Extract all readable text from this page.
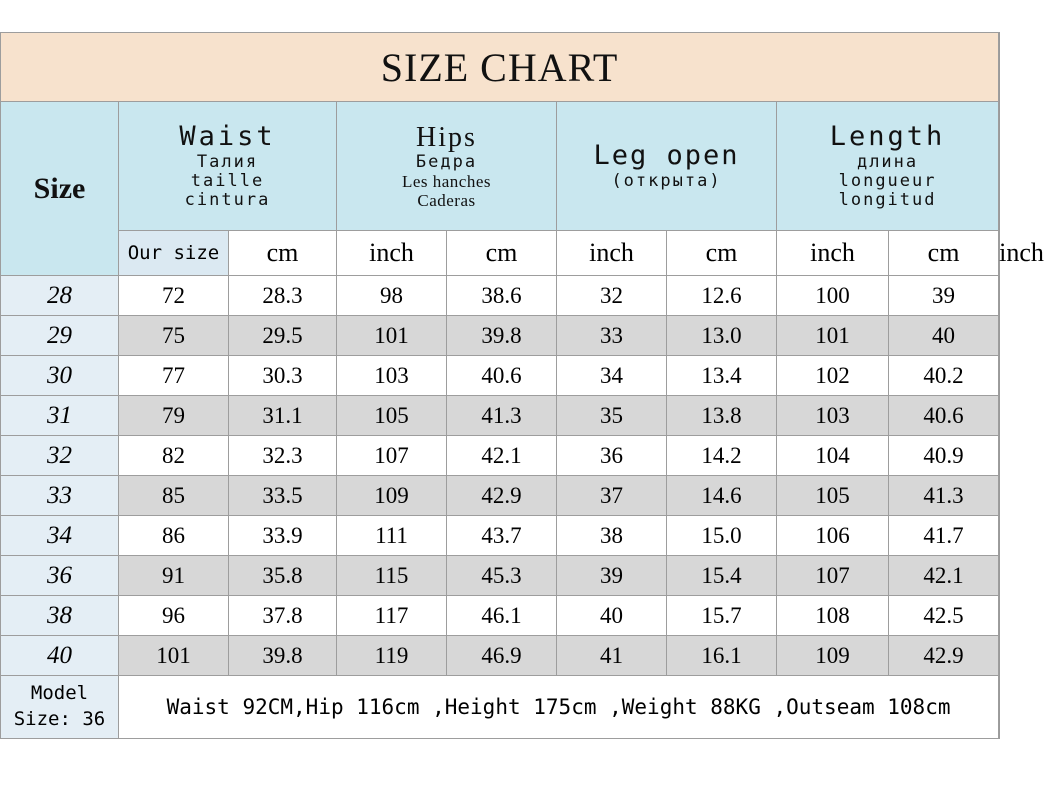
SIZE CHART									
Size	Waist
Талия
taille
cintura		Hips
Бедра
Les hanches
Caderas		Leg open
(открыта)		Length
длина
longueur
longitud		

	Our size	cm	inch	cm	inch	cm	inch	cm	inch
28	72	28.3	98	38.6	32	12.6	100	39	
29	75	29.5	101	39.8	33	13.0	101	40	
30	77	30.3	103	40.6	34	13.4	102	40.2	
31	79	31.1	105	41.3	35	13.8	103	40.6	
32	82	32.3	107	42.1	36	14.2	104	40.9	
33	85	33.5	109	42.9	37	14.6	105	41.3	
34	86	33.9	111	43.7	38	15.0	106	41.7	
36	91	35.8	115	45.3	39	15.4	107	42.1	
38	96	37.8	117	46.1	40	15.7	108	42.5	
40	101	39.8	119	46.9	41	16.1	109	42.9	
Model
Size: 36	Waist 92CM,Hip 116cm ,Height 175cm ,Weight 88KG ,Outseam 108cm								
